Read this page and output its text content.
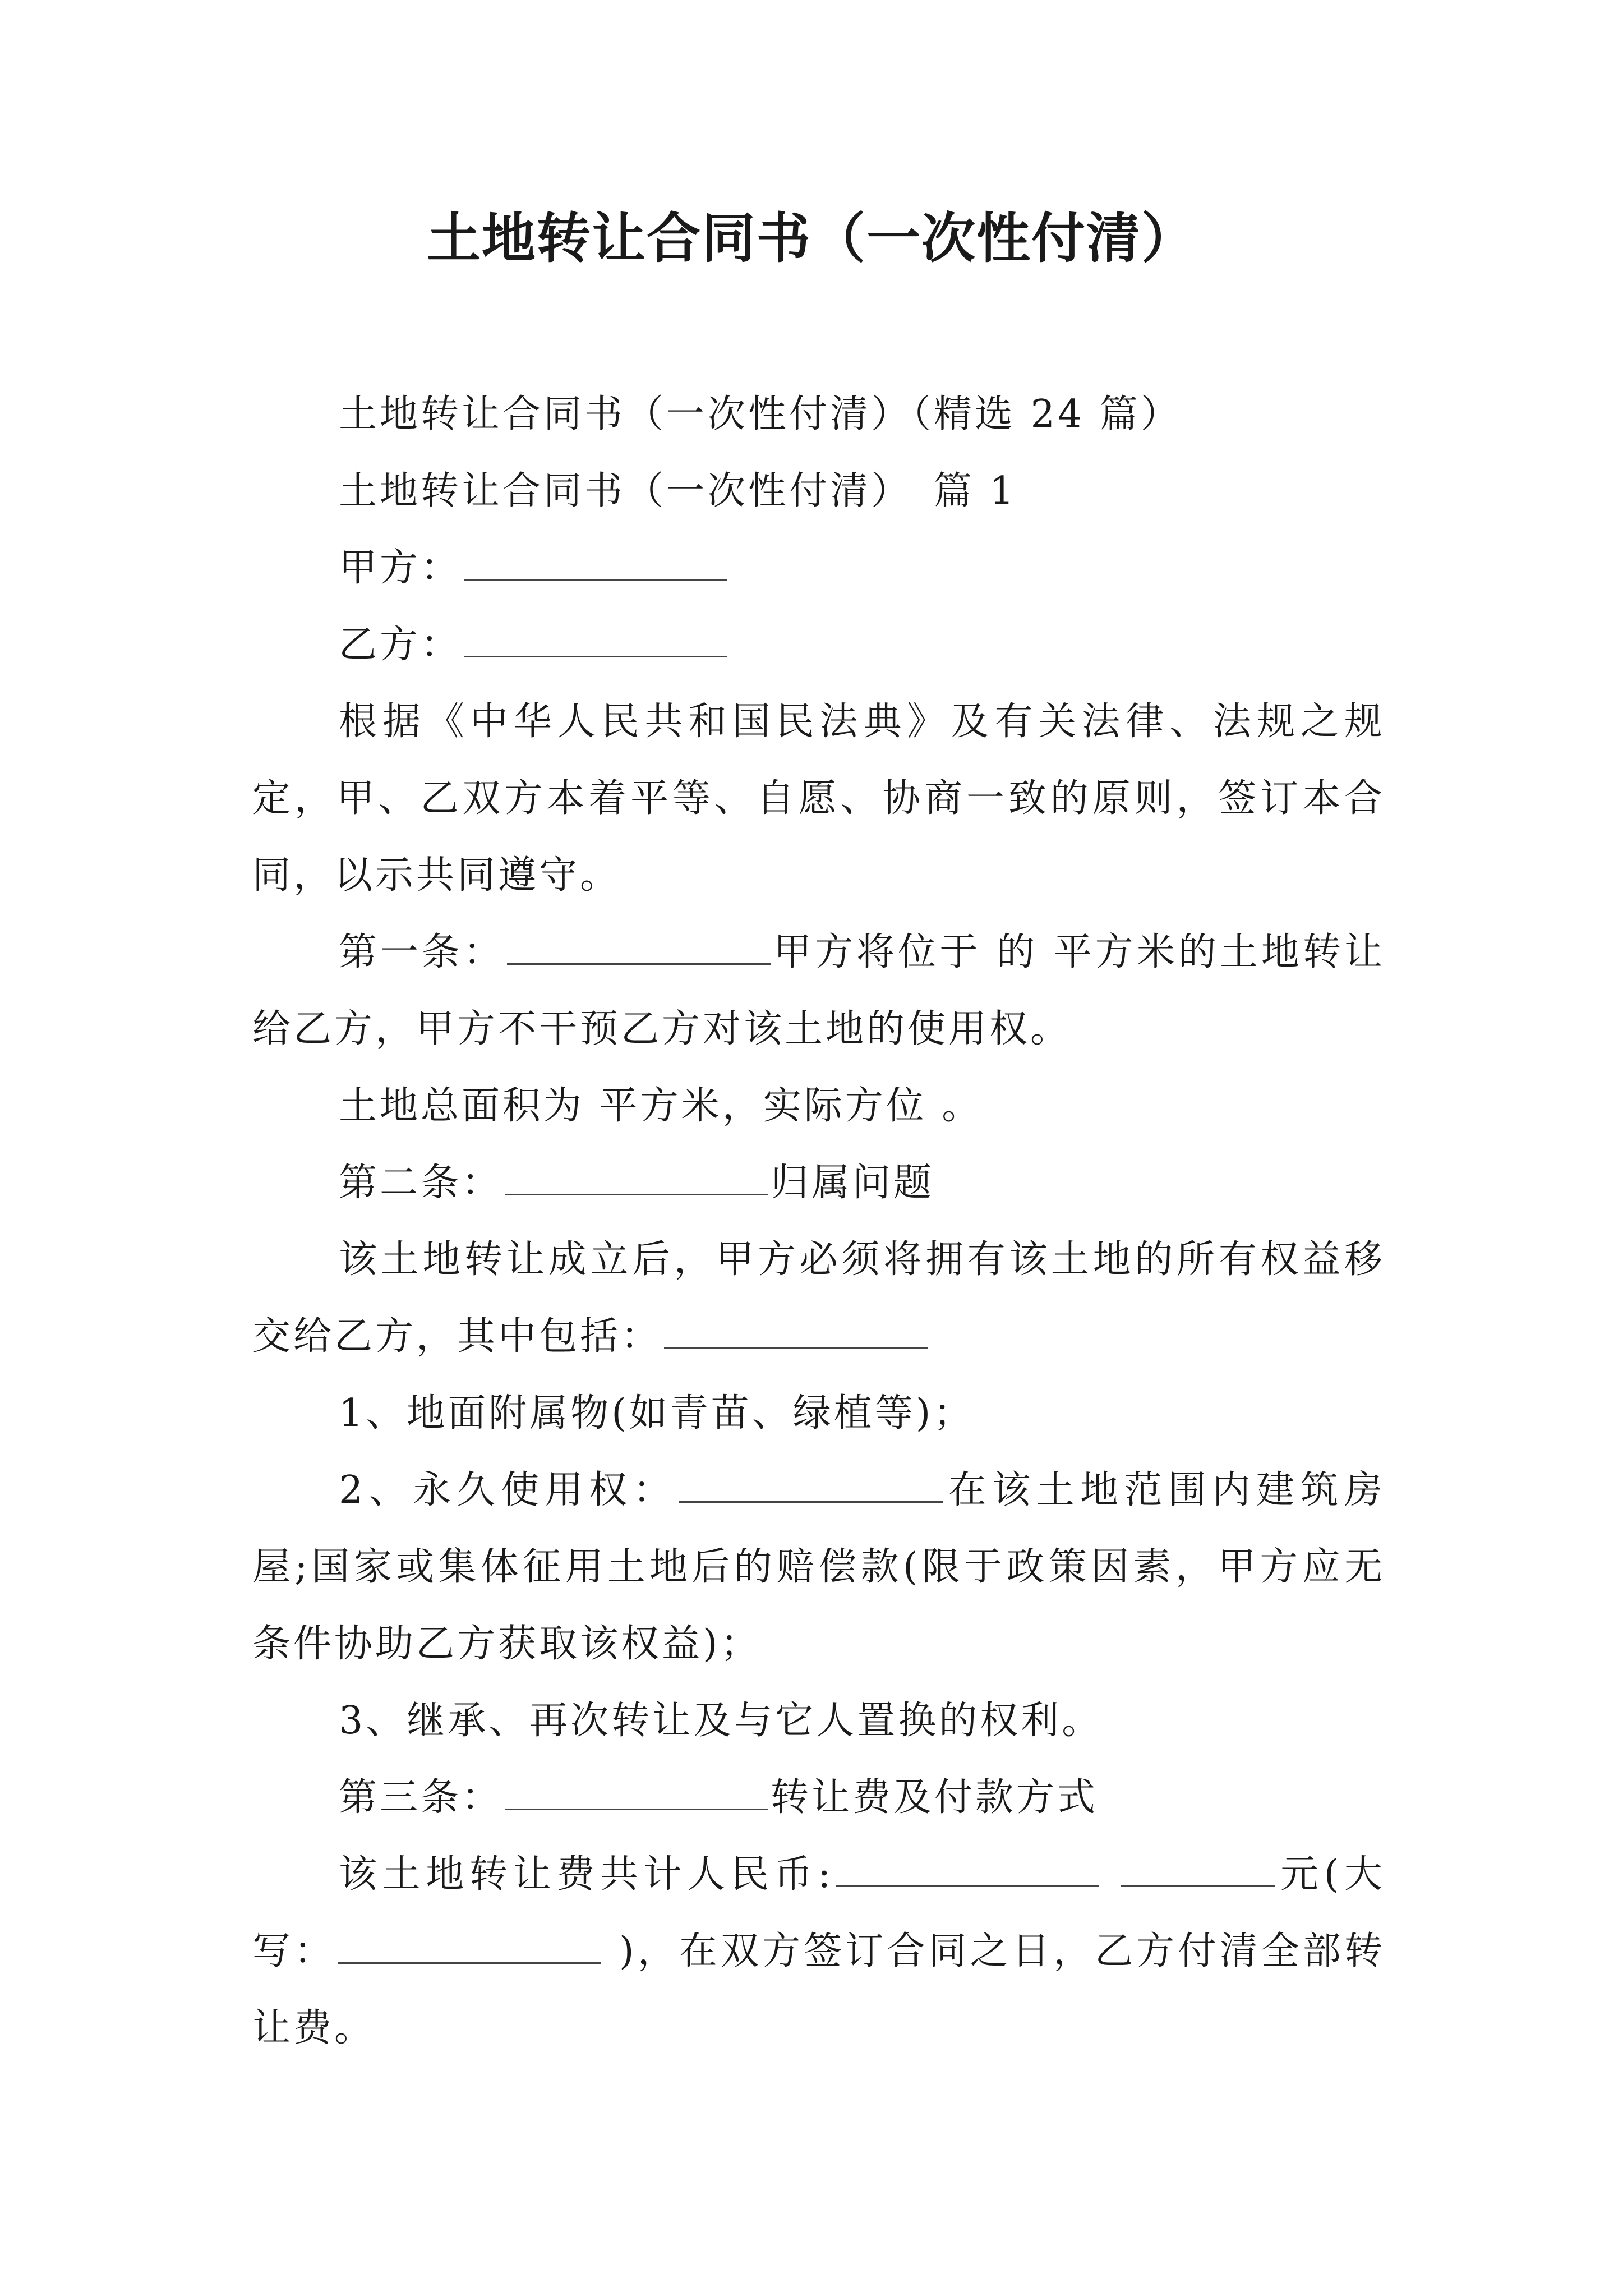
土地转让合同书（一次性付清）

土地转让合同书（一次性付清）（精选 24 篇）

土地转让合同书（一次性付清）　篇 1

甲方：

乙方：

根据《中华人民共和国民法典》及有关法律、法规之规定，甲、乙双方本着平等、自愿、协商一致的原则，签订本合同，以示共同遵守。

第一条：	甲方将位于 的 平方米的土地转让给乙方，甲方不干预乙方对该土地的使用权。

土地总面积为 平方米，实际方位 。

第二条：	归属问题

该土地转让成立后，甲方必须将拥有该土地的所有权益移交给乙方，其中包括：

1、地面附属物(如青苗、绿植等)；

2、永久使用权：	在该土地范围内建筑房屋;国家或集体征用土地后的赔偿款(限于政策因素，甲方应无条件协助乙方获取该权益)；

3、继承、再次转让及与它人置换的权利。

第三条：	转让费及付款方式

该土地转让费共计人民币:	元(大写：	)，在双方签订合同之日，乙方付清全部转让费。
